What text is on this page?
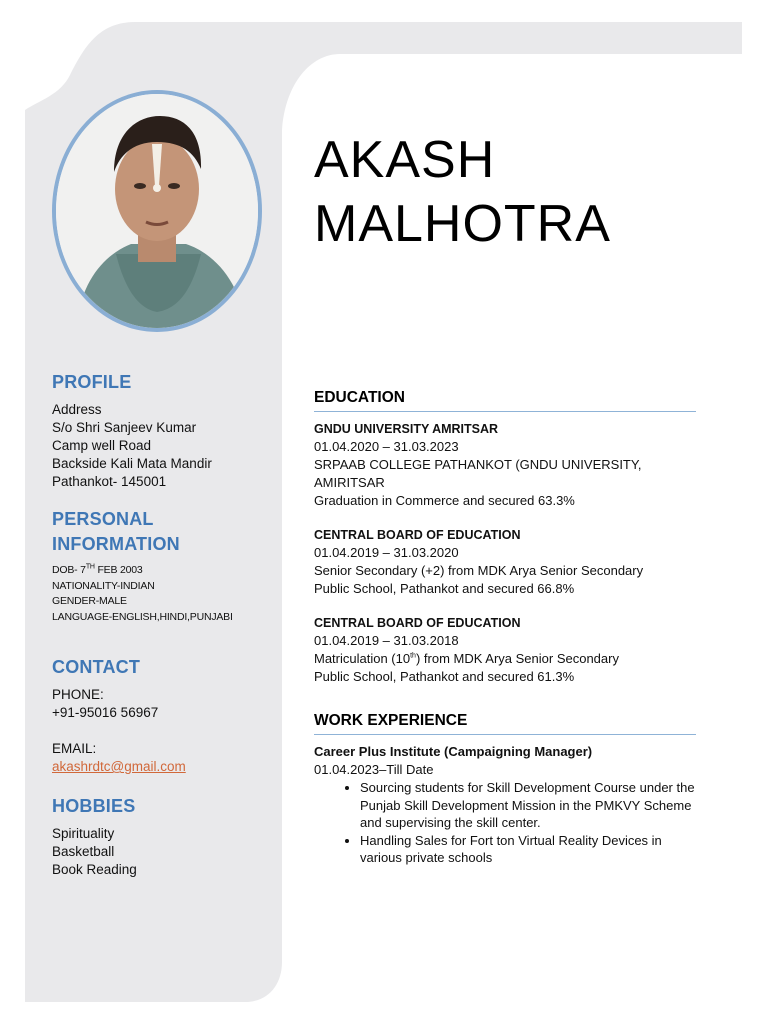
AKASH
MALHOTRA
PROFILE
Address
S/o Shri Sanjeev Kumar
Camp well Road
Backside Kali Mata Mandir
Pathankot- 145001
PERSONAL
INFORMATION
DOB- 7TH FEB 2003
NATIONALITY-INDIAN
GENDER-MALE
LANGUAGE-ENGLISH,HINDI,PUNJABI
CONTACT
PHONE:
+91-95016 56967
EMAIL:
akashrdtc@gmail.com
HOBBIES
Spirituality
Basketball
Book Reading
EDUCATION

GNDU UNIVERSITY AMRITSAR

01.04.2020 – 31.03.2023

SRPAAB COLLEGE PATHANKOT (GNDU UNIVERSITY,

AMIRITSAR

Graduation in Commerce and secured 63.3%

CENTRAL BOARD OF EDUCATION

01.04.2019 – 31.03.2020

Senior Secondary (+2) from MDK Arya Senior Secondary

Public School, Pathankot and secured 66.8%

CENTRAL BOARD OF EDUCATION

01.04.2019 – 31.03.2018

Matriculation (10th) from MDK Arya Senior Secondary

Public School, Pathankot and secured 61.3%

WORK EXPERIENCE

Career Plus Institute (Campaigning Manager)

01.04.2023–Till Date

• Sourcing students for Skill Development Course under the Punjab Skill Development Mission in the PMKVY Scheme and supervising the skill center.
• Handling Sales for Fort ton Virtual Reality Devices in various private schools
